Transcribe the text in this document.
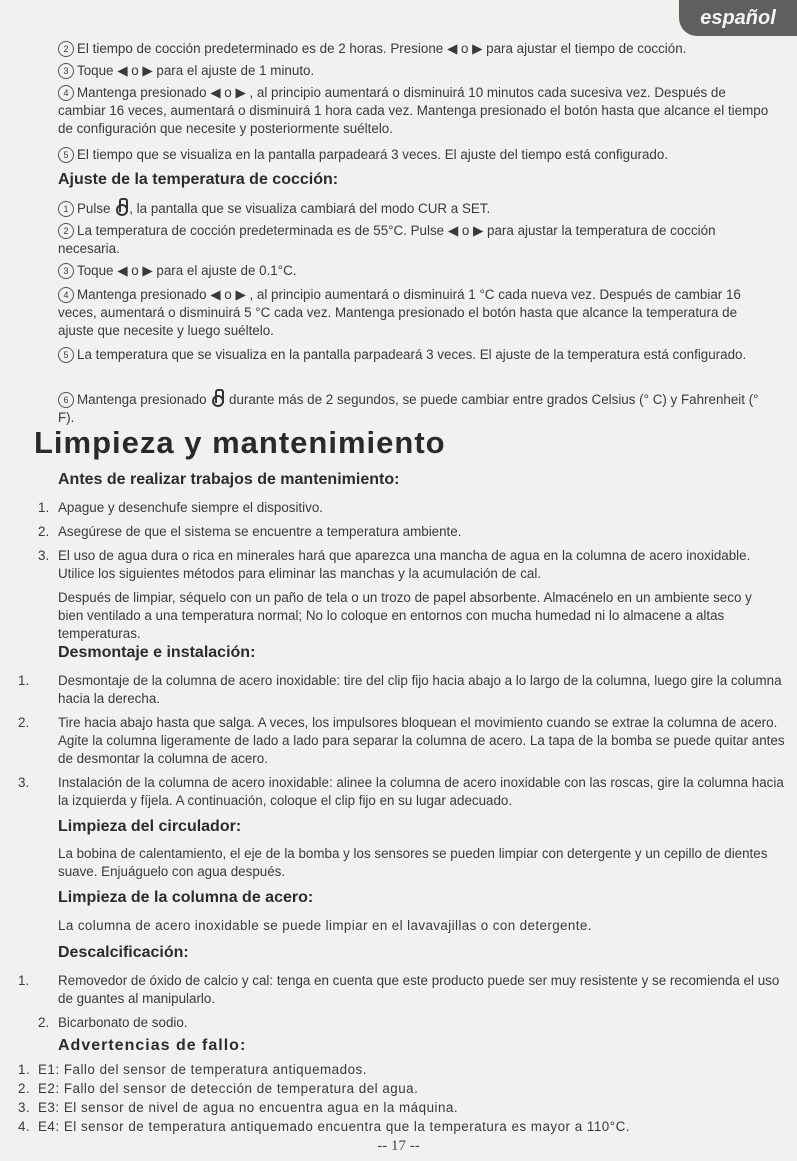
español

2 El tiempo de cocción predeterminado es de 2 horas. Presione ◀ o ▶ para ajustar el tiempo de cocción.

3 Toque ◀ o ▶ para el ajuste de 1 minuto.

4 Mantenga presionado ◀ o ▶ , al principio aumentará o disminuirá 10 minutos cada sucesiva vez. Después de cambiar 16 veces, aumentará o disminuirá 1 hora cada vez. Mantenga presionado el botón hasta que alcance el tiempo de configuración que necesite y posteriormente suéltelo.

5 El tiempo que se visualiza en la pantalla parpadeará 3 veces. El ajuste del tiempo está configurado.

Ajuste de la temperatura de cocción:

1 Pulse , la pantalla que se visualiza cambiará del modo CUR a SET.

2 La temperatura de cocción predeterminada es de 55°C. Pulse ◀ o ▶ para ajustar la temperatura de cocción necesaria.

3 Toque ◀ o ▶ para el ajuste de 0.1°C.

4 Mantenga presionado ◀ o ▶ , al principio aumentará o disminuirá 1 °C cada nueva vez. Después de cambiar 16 veces, aumentará o disminuirá 5 °C cada vez. Mantenga presionado el botón hasta que alcance la temperatura de ajuste que necesite y luego suéltelo.

5 La temperatura que se visualiza en la pantalla parpadeará 3 veces. El ajuste de la temperatura está configurado.

6 Mantenga presionado durante más de 2 segundos, se puede cambiar entre grados Celsius (° C) y Fahrenheit (° F).

Limpieza y mantenimiento

Antes de realizar trabajos de mantenimiento:

1. Apague y desenchufe siempre el dispositivo.

2. Asegúrese de que el sistema se encuentre a temperatura ambiente.

3. El uso de agua dura o rica en minerales hará que aparezca una mancha de agua en la columna de acero inoxidable. Utilice los siguientes métodos para eliminar las manchas y la acumulación de cal.

Después de limpiar, séquelo con un paño de tela o un trozo de papel absorbente. Almacénelo en un ambiente seco y bien ventilado a una temperatura normal; No lo coloque en entornos con mucha humedad ni lo almacene a altas temperaturas.

Desmontaje e instalación:

1. Desmontaje de la columna de acero inoxidable: tire del clip fijo hacia abajo a lo largo de la columna, luego gire la columna hacia la derecha.

2. Tire hacia abajo hasta que salga. A veces, los impulsores bloquean el movimiento cuando se extrae la columna de acero. Agite la columna ligeramente de lado a lado para separar la columna de acero. La tapa de la bomba se puede quitar antes de desmontar la columna de acero.

3. Instalación de la columna de acero inoxidable: alinee la columna de acero inoxidable con las roscas, gire la columna hacia la izquierda y fíjela. A continuación, coloque el clip fijo en su lugar adecuado.

Limpieza del circulador:

La bobina de calentamiento, el eje de la bomba y los sensores se pueden limpiar con detergente y un cepillo de dientes suave. Enjuáguelo con agua después.

Limpieza de la columna de acero:

La columna de acero inoxidable se puede limpiar en el lavavajillas o con detergente.

Descalcificación:

1. Removedor de óxido de calcio y cal: tenga en cuenta que este producto puede ser muy resistente y se recomienda el uso de guantes al manipularlo.

2. Bicarbonato de sodio.

Advertencias de fallo:

1. E1: Fallo del sensor de temperatura antiquemados.

2. E2: Fallo del sensor de detección de temperatura del agua.

3. E3: El sensor de nivel de agua no encuentra agua en la máquina.

4. E4: El sensor de temperatura antiquemado encuentra que la temperatura es mayor a 110°C.

-- 17 --
